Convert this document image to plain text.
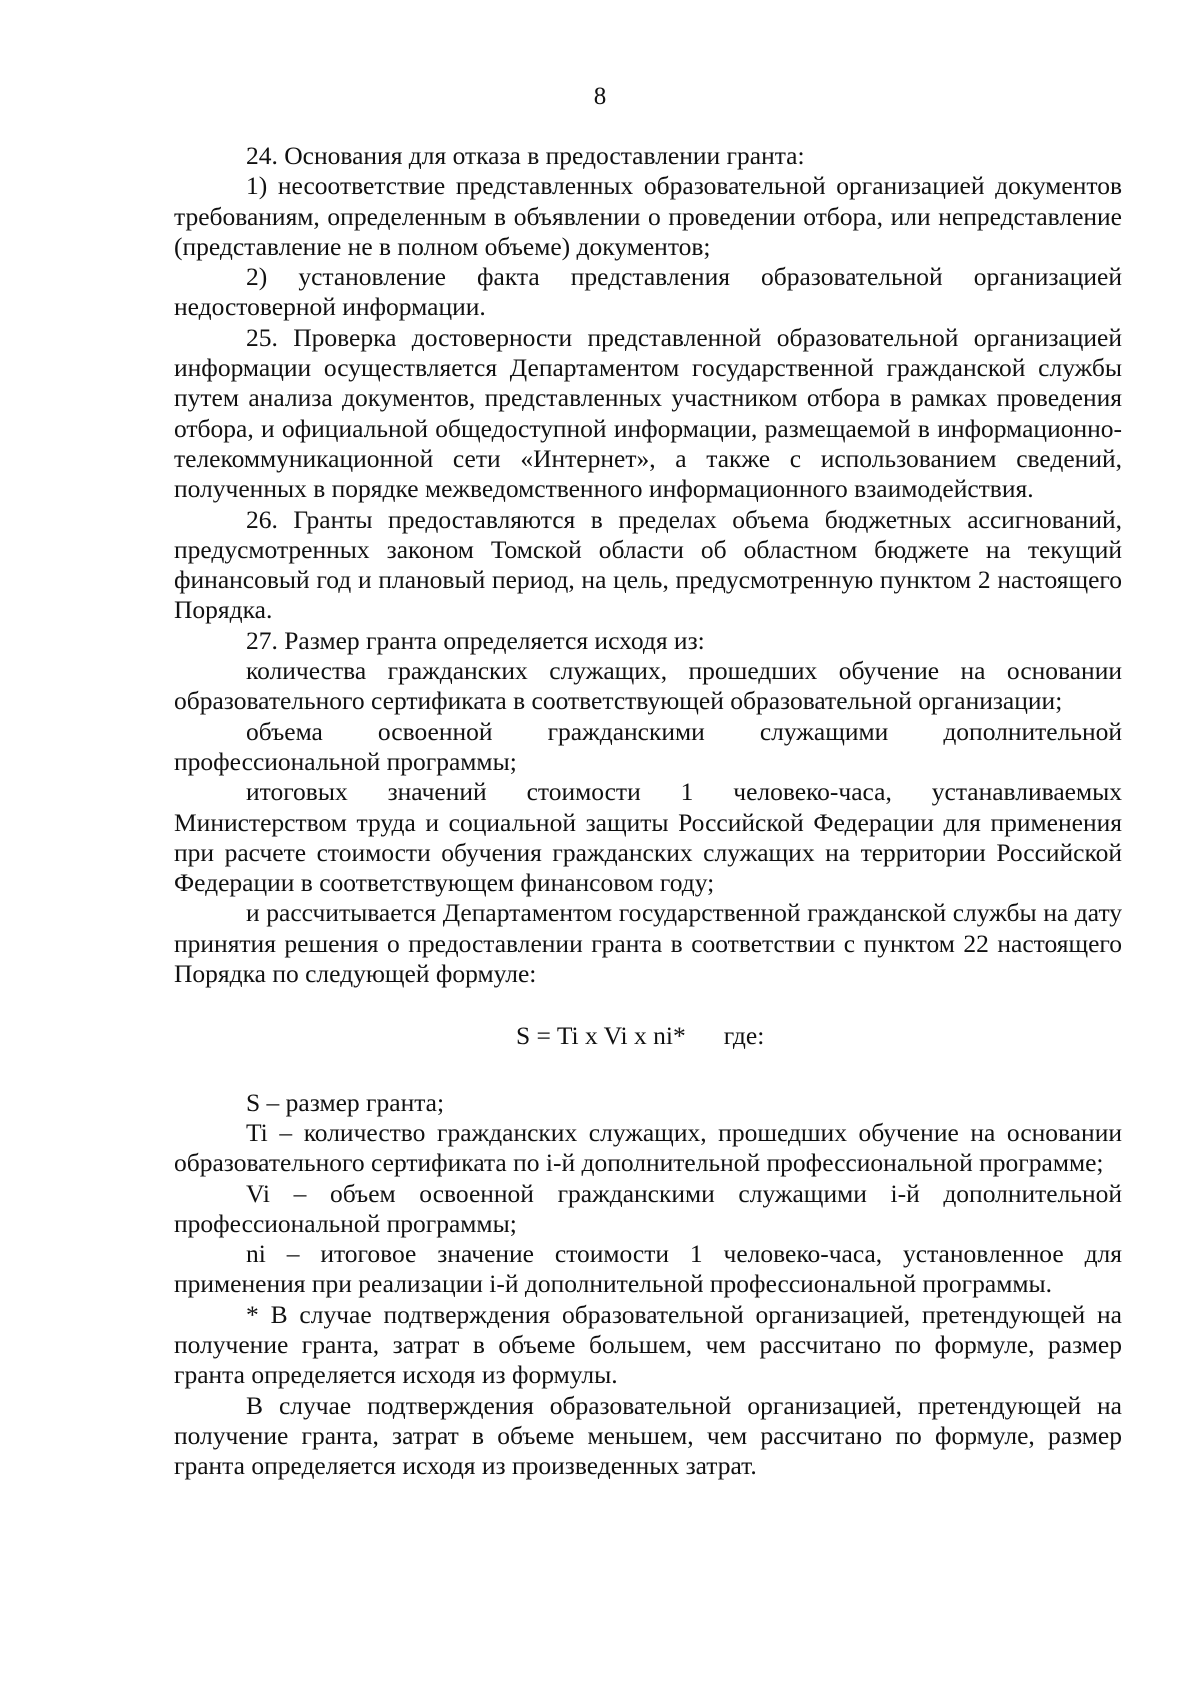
8

24. Основания для отказа в предоставлении гранта:

1) несоответствие представленных образовательной организацией документов требованиям, определенным в объявлении о проведении отбора, или непредставление (представление не в полном объеме) документов;

2) установление факта представления образовательной организацией недостоверной информации.

25. Проверка достоверности представленной образовательной организацией информации осуществляется Департаментом государственной гражданской службы путем анализа документов, представленных участником отбора в рамках проведения отбора, и официальной общедоступной информации, размещаемой в информационно-телекоммуникационной сети «Интернет», а также с использованием сведений, полученных в порядке межведомственного информационного взаимодействия.

26. Гранты предоставляются в пределах объема бюджетных ассигнований, предусмотренных законом Томской области об областном бюджете на текущий финансовый год и плановый период, на цель, предусмотренную пунктом 2 настоящего Порядка.

27. Размер гранта определяется исходя из:

количества гражданских служащих, прошедших обучение на основании образовательного сертификата в соответствующей образовательной организации;

объема освоенной гражданскими служащими дополнительной профессиональной программы;

итоговых значений стоимости 1 человеко-часа, устанавливаемых Министерством труда и социальной защиты Российской Федерации для применения при расчете стоимости обучения гражданских служащих на территории Российской Федерации в соответствующем финансовом году;

и рассчитывается Департаментом государственной гражданской службы на дату принятия решения о предоставлении гранта в соответствии с пунктом 22 настоящего Порядка по следующей формуле:

S = Ti x Vi x ni* где:

S – размер гранта;

Ti – количество гражданских служащих, прошедших обучение на основании образовательного сертификата по i-й дополнительной профессиональной программе;

Vi – объем освоенной гражданскими служащими i-й дополнительной профессиональной программы;

ni – итоговое значение стоимости 1 человеко-часа, установленное для применения при реализации i-й дополнительной профессиональной программы.

* В случае подтверждения образовательной организацией, претендующей на получение гранта, затрат в объеме большем, чем рассчитано по формуле, размер гранта определяется исходя из формулы.

В случае подтверждения образовательной организацией, претендующей на получение гранта, затрат в объеме меньшем, чем рассчитано по формуле, размер гранта определяется исходя из произведенных затрат.
